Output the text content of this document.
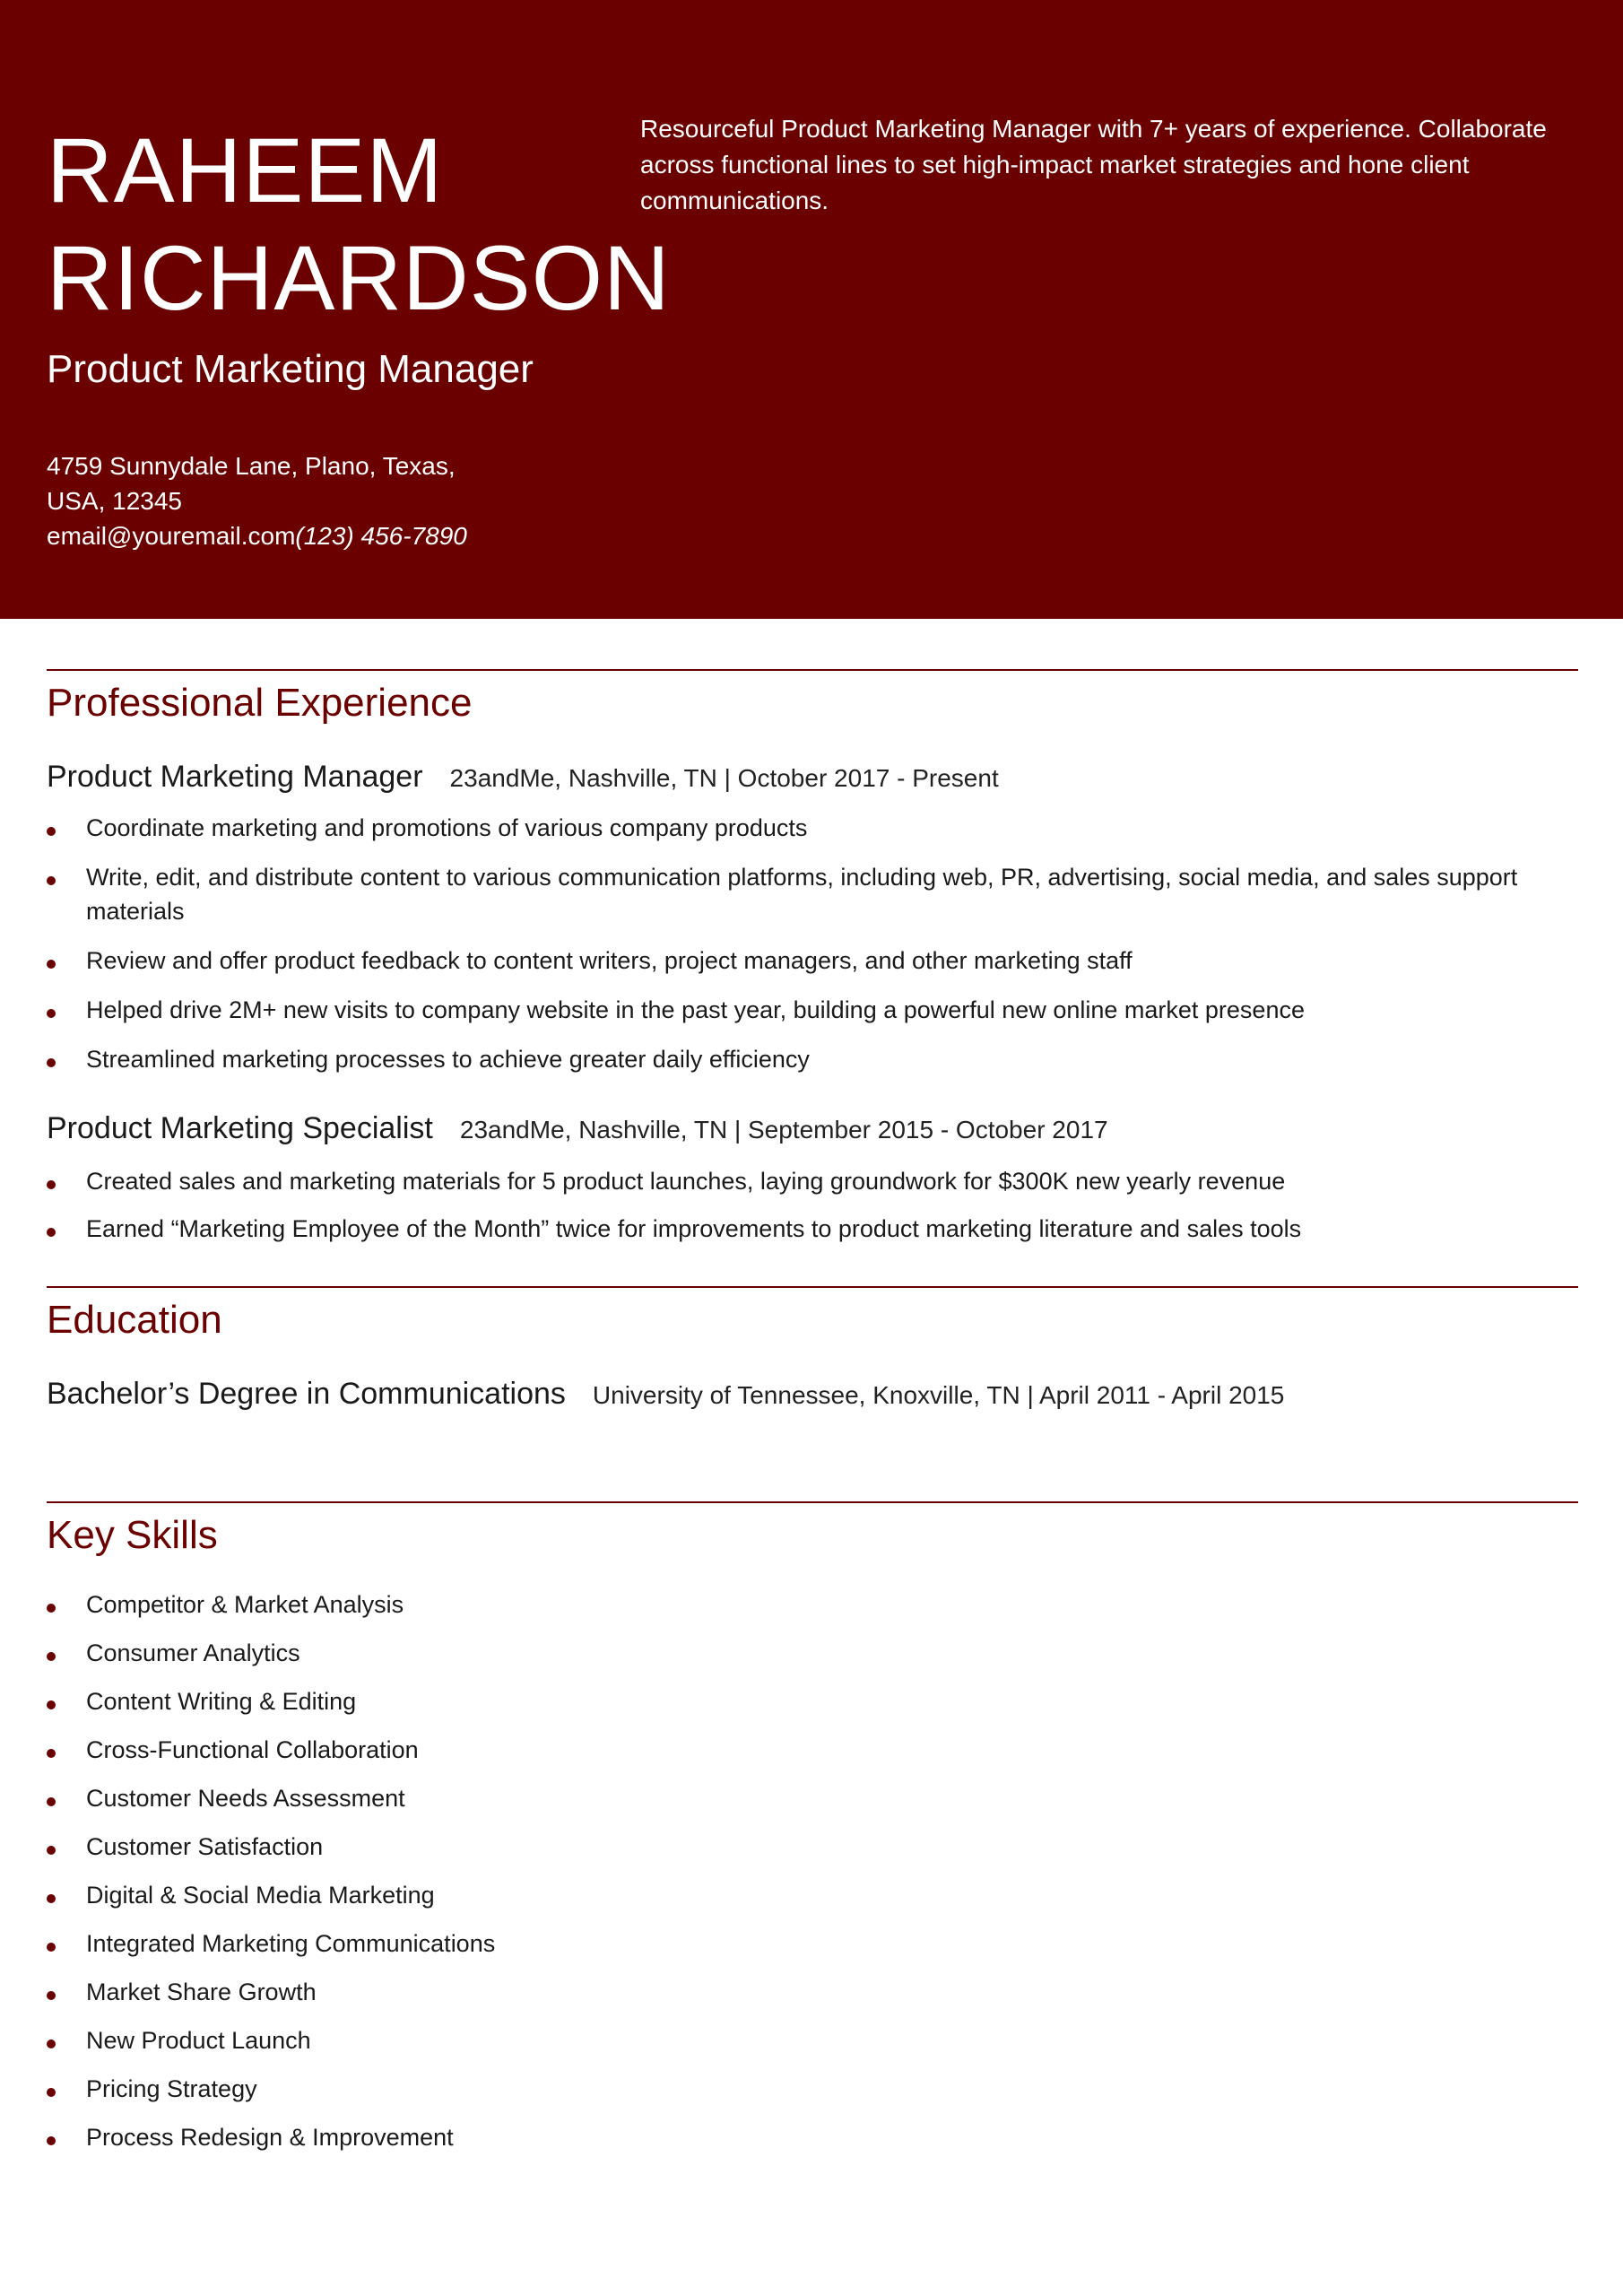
RAHEEM
RICHARDSON
Product Marketing Manager
4759 Sunnydale Lane, Plano, Texas, USA, 12345
email@youremail.com(123) 456-7890
Resourceful Product Marketing Manager with 7+ years of experience. Collaborate across functional lines to set high-impact market strategies and hone client communications.
Professional Experience
Product Marketing Manager 23andMe, Nashville, TN | October 2017 - Present
Coordinate marketing and promotions of various company products
Write, edit, and distribute content to various communication platforms, including web, PR, advertising, social media, and sales support materials
Review and offer product feedback to content writers, project managers, and other marketing staff
Helped drive 2M+ new visits to company website in the past year, building a powerful new online market presence
Streamlined marketing processes to achieve greater daily efficiency
Product Marketing Specialist 23andMe, Nashville, TN | September 2015 - October 2017
Created sales and marketing materials for 5 product launches, laying groundwork for $300K new yearly revenue
Earned “Marketing Employee of the Month” twice for improvements to product marketing literature and sales tools
Education
Bachelor’s Degree in Communications University of Tennessee, Knoxville, TN | April 2011 - April 2015
Key Skills
Competitor & Market Analysis
Consumer Analytics
Content Writing & Editing
Cross-Functional Collaboration
Customer Needs Assessment
Customer Satisfaction
Digital & Social Media Marketing
Integrated Marketing Communications
Market Share Growth
New Product Launch
Pricing Strategy
Process Redesign & Improvement
